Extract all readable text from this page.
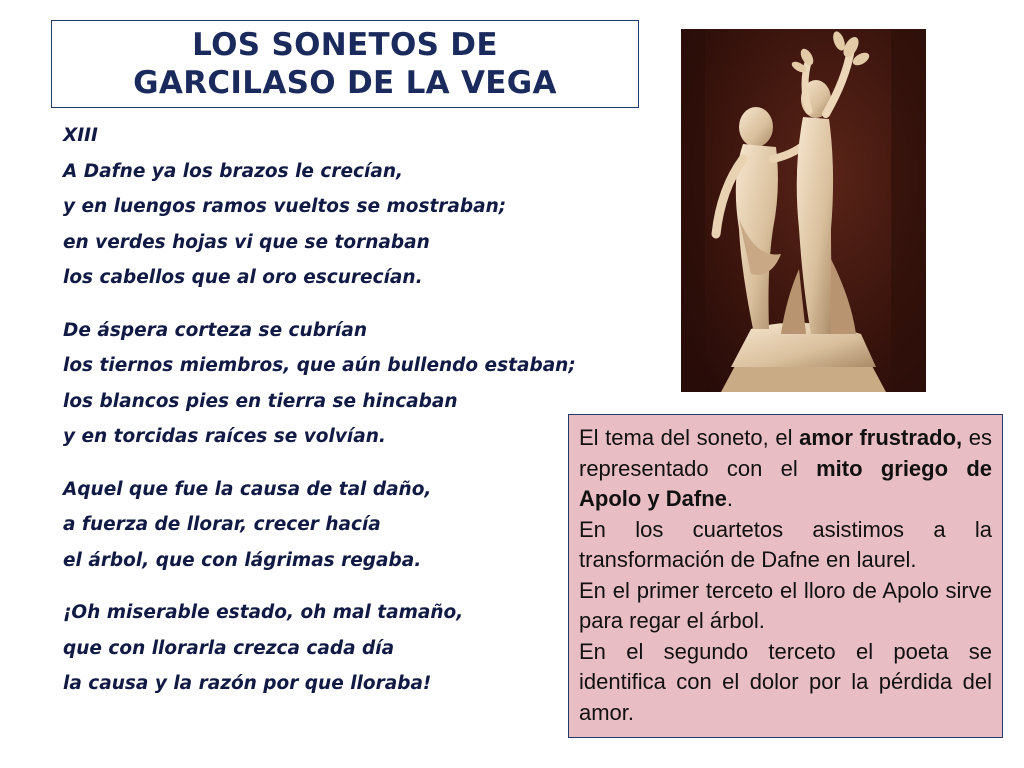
LOS SONETOS DE
GARCILASO DE LA VEGA
XIII
A Dafne ya los brazos le crecían,
y en luengos ramos vueltos se mostraban;
en verdes hojas vi que se tornaban
los cabellos que al oro escurecían.
De áspera corteza se cubrían
los tiernos miembros, que aún bullendo estaban;
los blancos pies en tierra se hincaban
y en torcidas raíces se volvían.
Aquel que fue la causa de tal daño,
a fuerza de llorar, crecer hacía
el árbol, que con lágrimas regaba.
¡Oh miserable estado, oh mal tamaño,
que con llorarla crezca cada día
la causa y la razón por que lloraba!

El tema del soneto, el amor frustrado, es representado con el mito griego de Apolo y Dafne.

En los cuartetos asistimos a la transformación de Dafne en laurel.

En el primer terceto el lloro de Apolo sirve para regar el árbol.

En el segundo terceto el poeta se identifica con el dolor por la pérdida del amor.
